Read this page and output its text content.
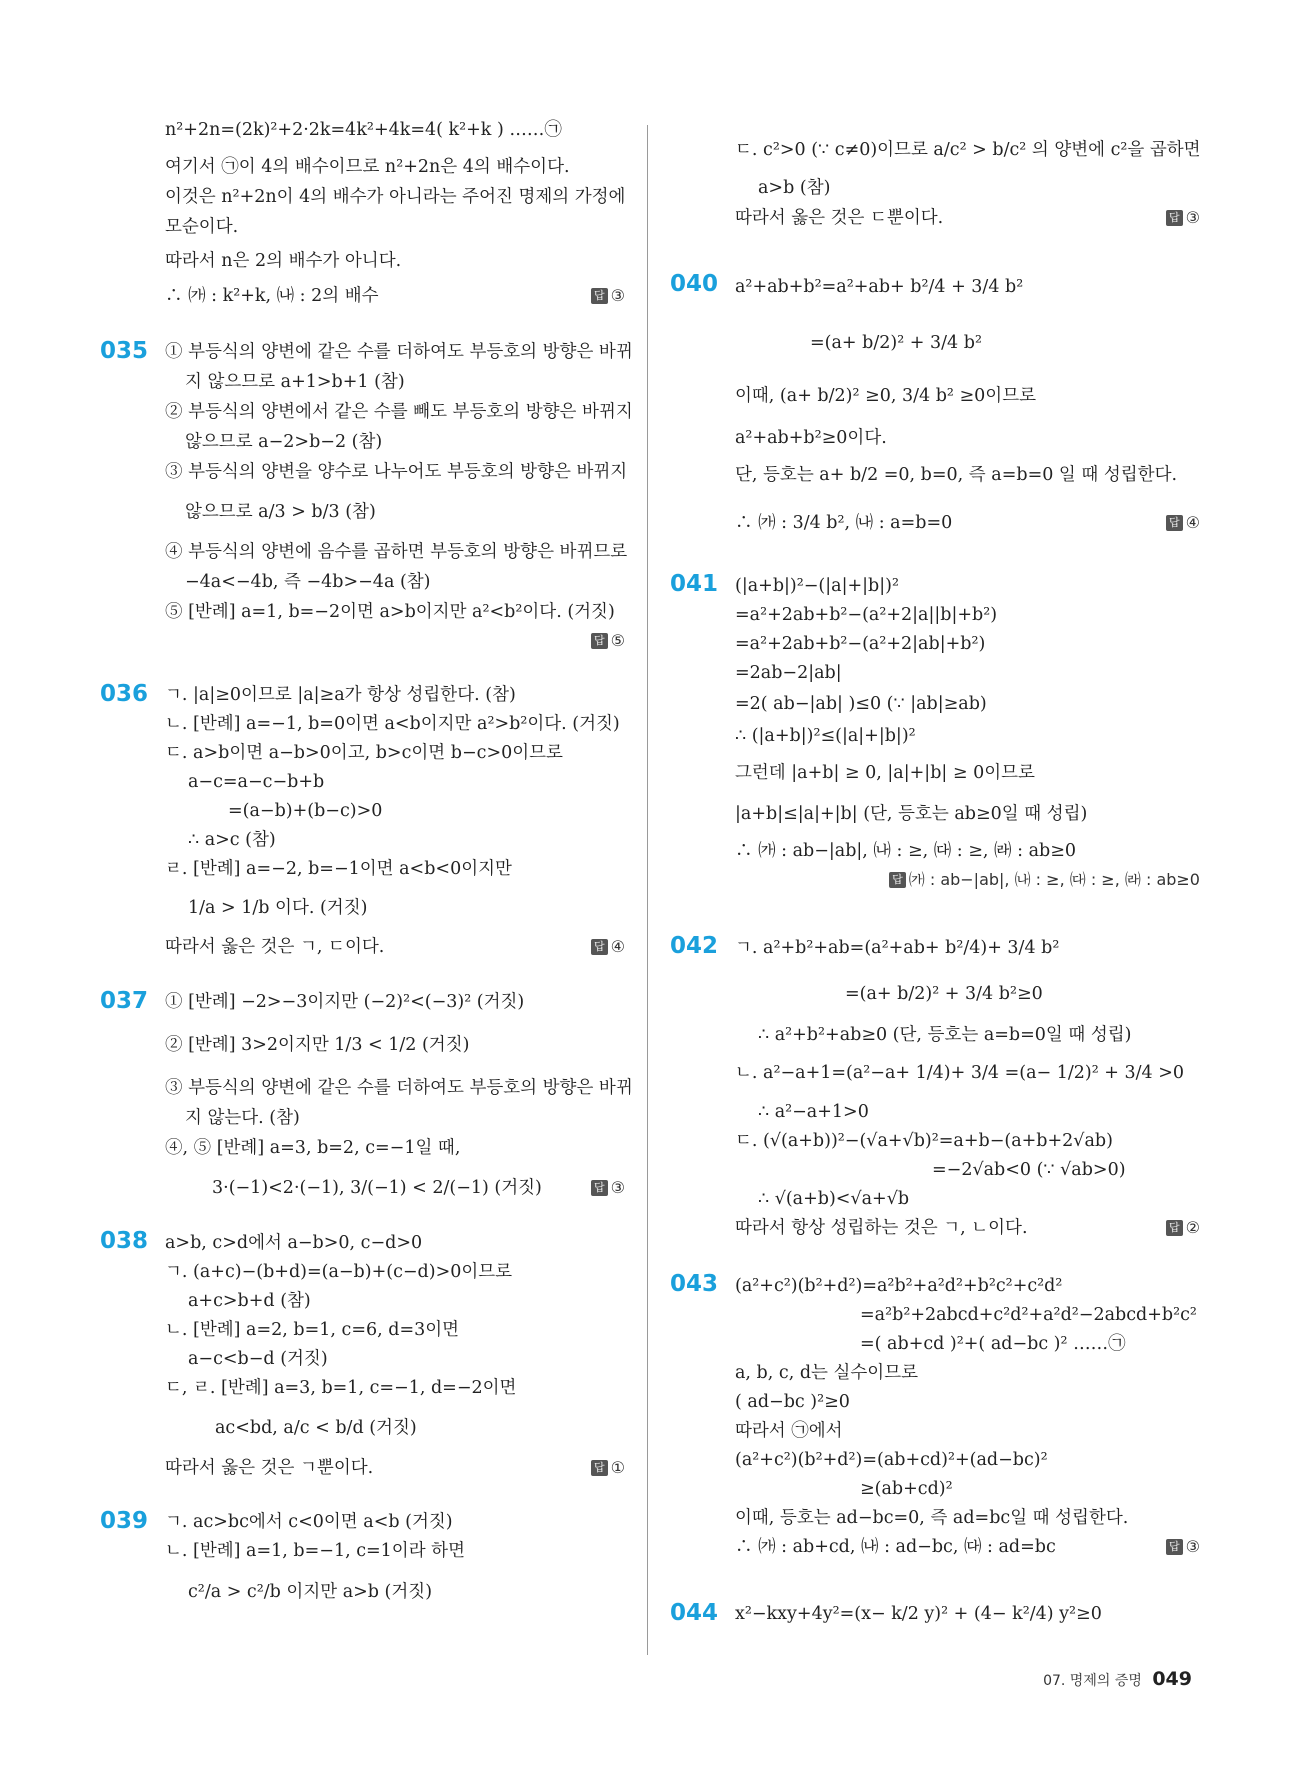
n²+2n=(2k)²+2·2k=4k²+4k=4( k²+k ) ……㉠
여기서 ㉠이 4의 배수이므로 n²+2n은 4의 배수이다.
이것은 n²+2n이 4의 배수가 아니라는 주어진 명제의 가정에
모순이다.
따라서 n은 2의 배수가 아니다.
∴ ㈎ : k²+k, ㈏ : 2의 배수	답 ③
035 ① 부등식의 양변에 같은 수를 더하여도 부등호의 방향은 바뀌
지 않으므로 a+1>b+1 (참)
② 부등식의 양변에서 같은 수를 빼도 부등호의 방향은 바뀌지
않으므로 a−2>b−2 (참)
③ 부등식의 양변을 양수로 나누어도 부등호의 방향은 바뀌지
않으므로 a/3 > b/3 (참)
④ 부등식의 양변에 음수를 곱하면 부등호의 방향은 바뀌므로
−4a<−4b, 즉 −4b>−4a (참)
⑤ [반례] a=1, b=−2이면 a>b이지만 a²<b²이다. (거짓)
답 ⑤
036 ㄱ. |a|≥0이므로 |a|≥a가 항상 성립한다. (참)
ㄴ. [반례] a=−1, b=0이면 a<b이지만 a²>b²이다. (거짓)
ㄷ. a>b이면 a−b>0이고, b>c이면 b−c>0이므로
a−c=a−c−b+b
=(a−b)+(b−c)>0
∴ a>c (참)
ㄹ. [반례] a=−2, b=−1이면 a<b<0이지만
1/a > 1/b 이다. (거짓)
따라서 옳은 것은 ㄱ, ㄷ이다.	답 ④
037 ① [반례] −2>−3이지만 (−2)²<(−3)² (거짓)
② [반례] 3>2이지만 1/3 < 1/2 (거짓)
③ 부등식의 양변에 같은 수를 더하여도 부등호의 방향은 바뀌
지 않는다. (참)
④, ⑤ [반례] a=3, b=2, c=−1일 때,
3·(−1)<2·(−1), 3/(−1) < 2/(−1) (거짓)	답 ③
038 a>b, c>d에서 a−b>0, c−d>0
ㄱ. (a+c)−(b+d)=(a−b)+(c−d)>0이므로
a+c>b+d (참)
ㄴ. [반례] a=2, b=1, c=6, d=3이면
a−c<b−d (거짓)
ㄷ, ㄹ. [반례] a=3, b=1, c=−1, d=−2이면
ac<bd, a/c < b/d (거짓)
따라서 옳은 것은 ㄱ뿐이다.	답 ①
039 ㄱ. ac>bc에서 c<0이면 a<b (거짓)
ㄴ. [반례] a=1, b=−1, c=1이라 하면
c²/a > c²/b 이지만 a>b (거짓)
ㄷ. c²>0 (∵ c≠0)이므로 a/c² > b/c² 의 양변에 c²을 곱하면
a>b (참)
따라서 옳은 것은 ㄷ뿐이다.	답 ③
040 a²+ab+b²=a²+ab+ b²/4 + 3/4 b²
=(a+ b/2)² + 3/4 b²
이때, (a+ b/2)² ≥0, 3/4 b² ≥0이므로
a²+ab+b²≥0이다.
단, 등호는 a+ b/2 =0, b=0, 즉 a=b=0 일 때 성립한다.
∴ ㈎ : 3/4 b², ㈏ : a=b=0	답 ④
041 (|a+b|)²−(|a|+|b|)²
=a²+2ab+b²−(a²+2|a||b|+b²)
=a²+2ab+b²−(a²+2|ab|+b²)
=2ab−2|ab|
=2( ab−|ab| )≤0 (∵ |ab|≥ab)
∴ (|a+b|)²≤(|a|+|b|)²
그런데 |a+b| ≥ 0, |a|+|b| ≥ 0이므로
|a+b|≤|a|+|b| (단, 등호는 ab≥0일 때 성립)
∴ ㈎ : ab−|ab|, ㈏ : ≥, ㈐ : ≥, ㈑ : ab≥0
답 ㈎ : ab−|ab|, ㈏ : ≥, ㈐ : ≥, ㈑ : ab≥0
042 ㄱ. a²+b²+ab=(a²+ab+ b²/4)+ 3/4 b²
=(a+ b/2)² + 3/4 b²≥0
∴ a²+b²+ab≥0 (단, 등호는 a=b=0일 때 성립)
ㄴ. a²−a+1=(a²−a+ 1/4)+ 3/4 =(a− 1/2)² + 3/4 >0
∴ a²−a+1>0
ㄷ. (√(a+b))²−(√a+√b)²=a+b−(a+b+2√ab)
=−2√ab<0 (∵ √ab>0)
∴ √(a+b)<√a+√b
따라서 항상 성립하는 것은 ㄱ, ㄴ이다.	답 ②
043 (a²+c²)(b²+d²)=a²b²+a²d²+b²c²+c²d²
=a²b²+2abcd+c²d²+a²d²−2abcd+b²c²
=( ab+cd )²+( ad−bc )² ……㉠
a, b, c, d는 실수이므로
( ad−bc )²≥0
따라서 ㉠에서
(a²+c²)(b²+d²)=(ab+cd)²+(ad−bc)²
≥(ab+cd)²
이때, 등호는 ad−bc=0, 즉 ad=bc일 때 성립한다.
∴ ㈎ : ab+cd, ㈏ : ad−bc, ㈐ : ad=bc	답 ③
044 x²−kxy+4y²=(x− k/2 y)² + (4− k²/4) y²≥0
07. 명제의 증명 049
